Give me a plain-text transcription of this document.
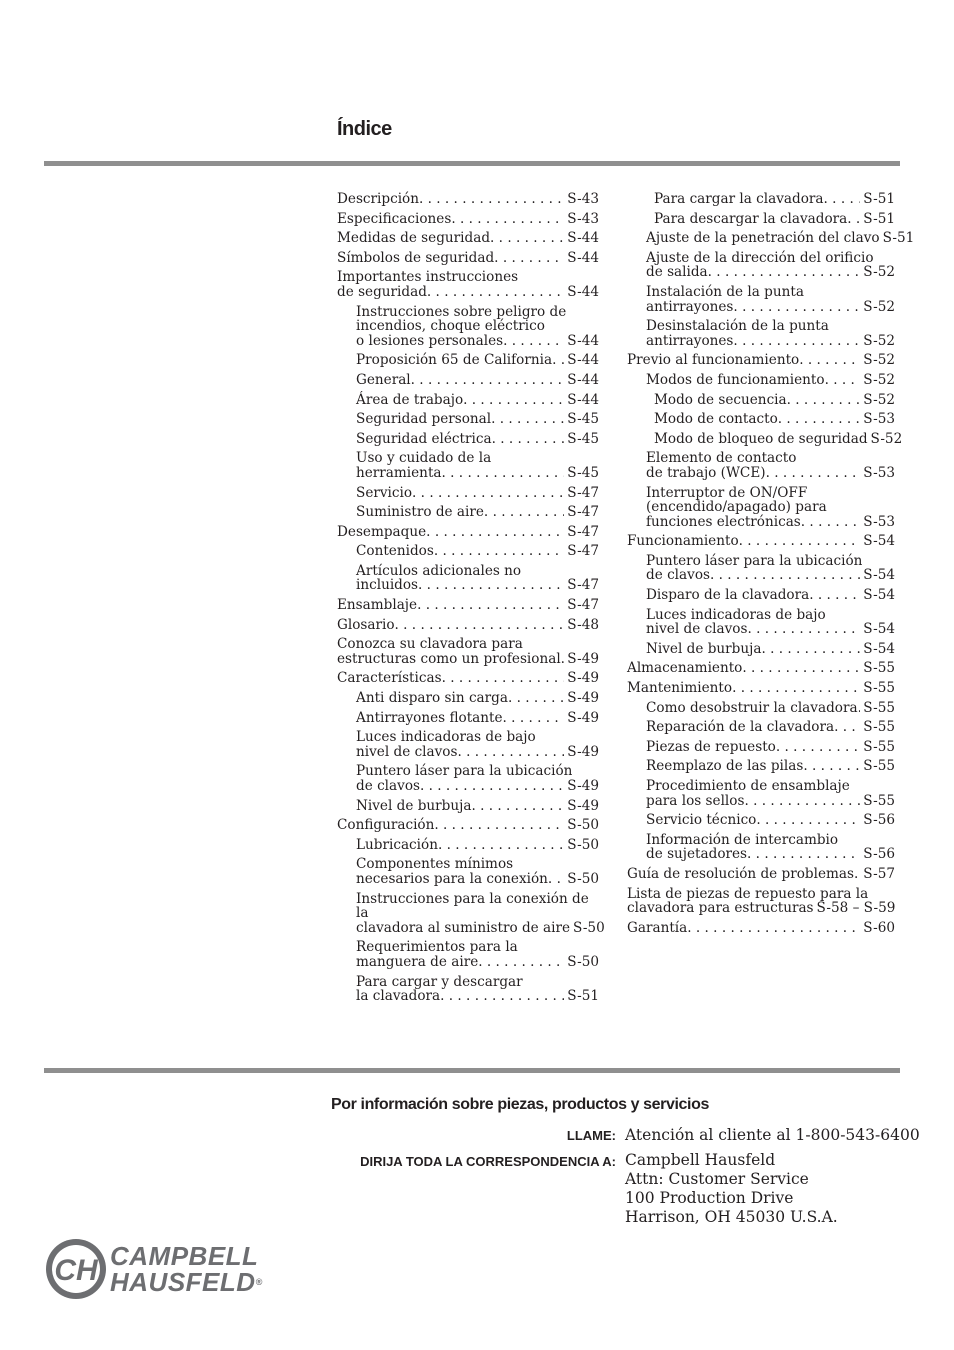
Índice
Descripción . . .	S-43
Especificaciones . . .	S-43
Medidas de seguridad . . .	S-44
Símbolos de seguridad . . .	S-44
Importantes instrucciones
de seguridad . . .	S-44
Instrucciones sobre peligro de incendios, choque eléctrico
o lesiones personales . . .	S-44
Proposición 65 de California . . . S-44
General . . .	S-44
Área de trabajo . . .	S-44
Seguridad personal . . .	S-45
Seguridad eléctrica . . .	S-45
Uso y cuidado de la
herramienta . . .	S-45
Servicio . . .	S-47
Suministro de aire . . .	S-47
Desempaque . . .	S-47
Contenidos . . .	S-47
Artículos adicionales no
incluidos . . .	S-47
Ensamblaje . . .	S-47
Glosario . . .	S-48
Conozca su clavadora para
estructuras como un profesional . . . S-49
Características . . .	S-49
Anti disparo sin carga . . .	S-49
Antirrayones flotante . . .	S-49
Luces indicadoras de bajo
nivel de clavos . . .	S-49
Puntero láser para la ubicación
de clavos . . .	S-49
Nivel de burbuja . . .	S-49
Configuración . . .	S-50
Lubricación . . .	S-50
Componentes mínimos
necesarios para la conexión . . . S-50
Instrucciones para la conexión de la
clavadora al suministro de aire S-50
Requerimientos para la
manguera de aire . . .	S-50
Para cargar y descargar
la clavadora . . .	S-51
Para cargar la clavadora . . .	S-51
Para descargar la clavadora . . . S-51
Ajuste de la penetración del clavo S-51
Ajuste de la dirección del orificio
de salida . . .	S-52
Instalación de la punta
antirrayones . . .	S-52
Desinstalación de la punta
antirrayones . . .	S-52
Previo al funcionamiento . . .	S-52
Modos de funcionamiento . . .	S-52
Modo de secuencia . . .	S-52
Modo de contacto . . .	S-53
Modo de bloqueo de seguridad S-52
Elemento de contacto
de trabajo (WCE) . . .	S-53
Interruptor de ON/OFF (encendido/apagado) para
funciones electrónicas . . .	S-53
Funcionamiento . . .	S-54
Puntero láser para la ubicación
de clavos . . .	S-54
Disparo de la clavadora . . .	S-54
Luces indicadoras de bajo
nivel de clavos . . .	S-54
Nivel de burbuja . . .	S-54
Almacenamiento . . .	S-55
Mantenimiento . . .	S-55
Como desobstruir la clavadora . . . S-55
Reparación de la clavadora . . . S-55
Piezas de repuesto . . .	S-55
Reemplazo de las pilas . . .	S-55
Procedimiento de ensamblaje
para los sellos . . .	S-55
Servicio técnico . . .	S-56
Información de intercambio
de sujetadores . . .	S-56
Guía de resolución de problemas . . . S-57
Lista de piezas de repuesto para la
clavadora para estructuras S-58 – S-59
Garantía . . .	S-60
Por información sobre piezas, productos y servicios
LLAME: Atención al cliente al 1-800-543-6400
DIRIJA TODA LA CORRESPONDENCIA A: Campbell Hausfeld
Attn: Customer Service
100 Production Drive
Harrison, OH 45030 U.S.A.
CH CAMPBELL
HAUSFELD®
